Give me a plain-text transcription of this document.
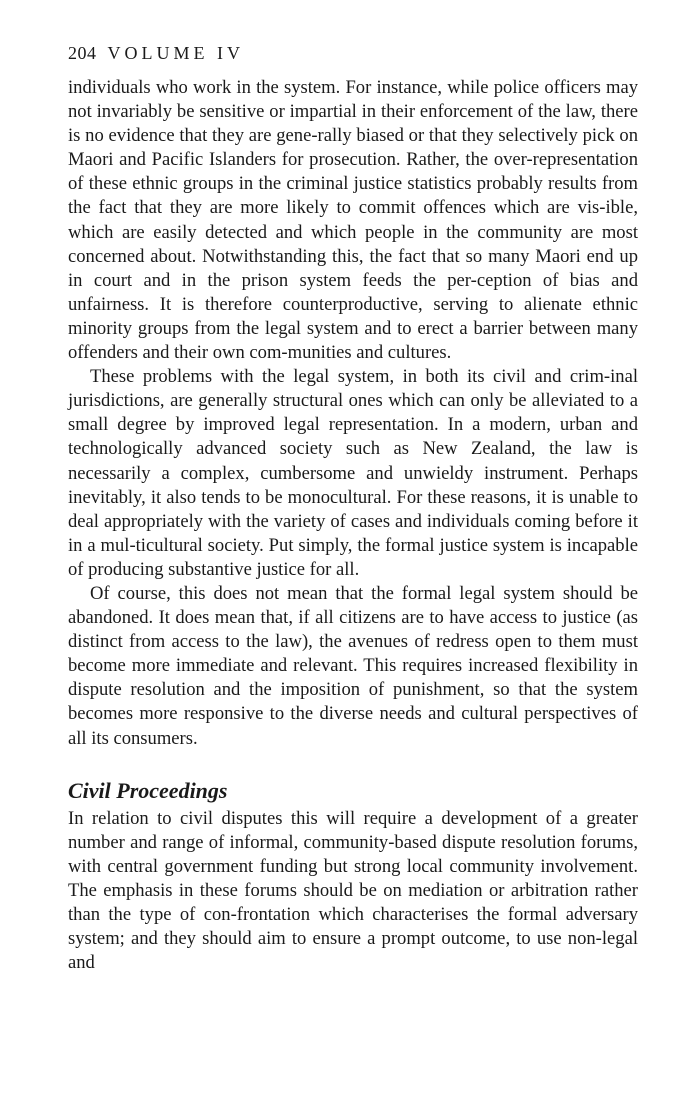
204 VOLUME IV

individuals who work in the system. For instance, while police officers may not invariably be sensitive or impartial in their enforcement of the law, there is no evidence that they are gene-rally biased or that they selectively pick on Maori and Pacific Islanders for prosecution. Rather, the over-representation of these ethnic groups in the criminal justice statistics probably results from the fact that they are more likely to commit offences which are vis-ible, which are easily detected and which people in the community are most concerned about. Notwithstanding this, the fact that so many Maori end up in court and in the prison system feeds the per-ception of bias and unfairness. It is therefore counterproductive, serving to alienate ethnic minority groups from the legal system and to erect a barrier between many offenders and their own com-munities and cultures.

These problems with the legal system, in both its civil and crim-inal jurisdictions, are generally structural ones which can only be alleviated to a small degree by improved legal representation. In a modern, urban and technologically advanced society such as New Zealand, the law is necessarily a complex, cumbersome and unwieldy instrument. Perhaps inevitably, it also tends to be monocultural. For these reasons, it is unable to deal appropriately with the variety of cases and individuals coming before it in a mul-ticultural society. Put simply, the formal justice system is incapable of producing substantive justice for all.

Of course, this does not mean that the formal legal system should be abandoned. It does mean that, if all citizens are to have access to justice (as distinct from access to the law), the avenues of redress open to them must become more immediate and relevant. This requires increased flexibility in dispute resolution and the imposition of punishment, so that the system becomes more responsive to the diverse needs and cultural perspectives of all its consumers.

Civil Proceedings

In relation to civil disputes this will require a development of a greater number and range of informal, community-based dispute resolution forums, with central government funding but strong local community involvement. The emphasis in these forums should be on mediation or arbitration rather than the type of con-frontation which characterises the formal adversary system; and they should aim to ensure a prompt outcome, to use non-legal and
